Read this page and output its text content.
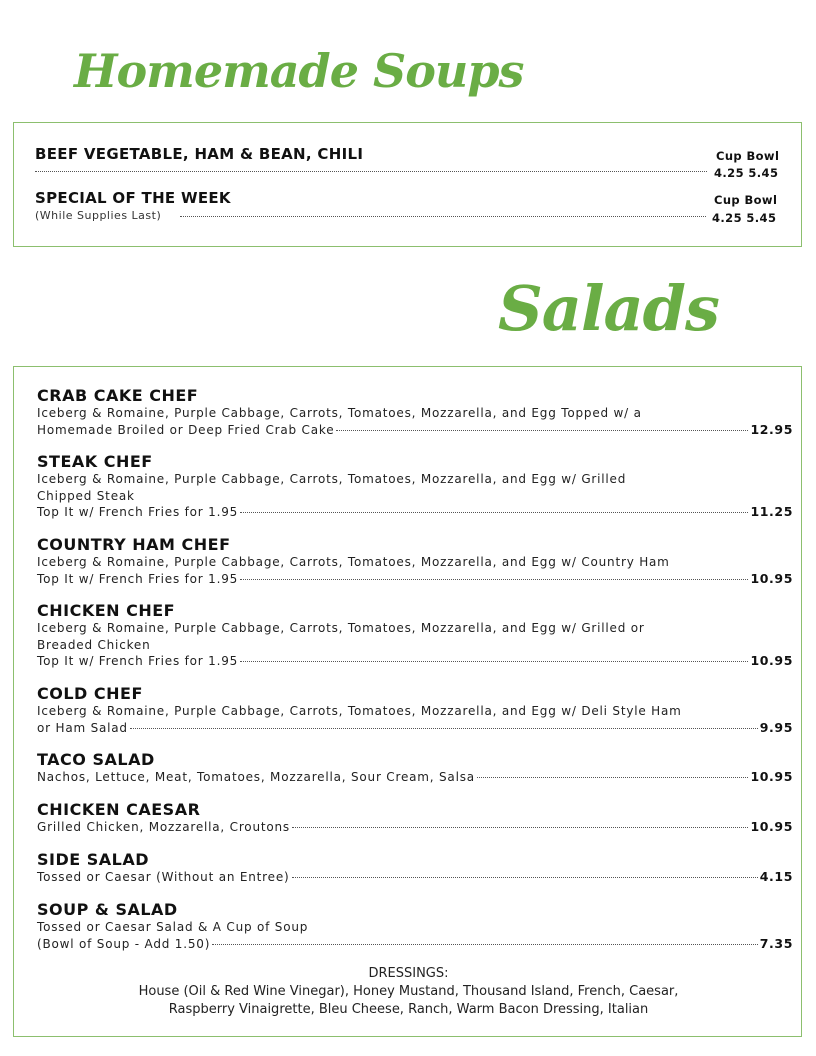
Homemade Soups
BEEF VEGETABLE, HAM & BEAN, CHILI	Cup Bowl
4.25 5.45
SPECIAL OF THE WEEK
(While Supplies Last)
Cup Bowl
4.25 5.45
Salads
CRAB CAKE CHEF
Iceberg & Romaine, Purple Cabbage, Carrots, Tomatoes, Mozzarella, and Egg Topped w/ a
Homemade Broiled or Deep Fried Crab Cake	12.95
STEAK CHEF
Iceberg & Romaine, Purple Cabbage, Carrots, Tomatoes, Mozzarella, and Egg w/ Grilled
Chipped Steak
Top It w/ French Fries for 1.95	11.25
COUNTRY HAM CHEF
Iceberg & Romaine, Purple Cabbage, Carrots, Tomatoes, Mozzarella, and Egg w/ Country Ham
Top It w/ French Fries for 1.95	10.95
CHICKEN CHEF
Iceberg & Romaine, Purple Cabbage, Carrots, Tomatoes, Mozzarella, and Egg w/ Grilled or
Breaded Chicken
Top It w/ French Fries for 1.95	10.95
COLD CHEF
Iceberg & Romaine, Purple Cabbage, Carrots, Tomatoes, Mozzarella, and Egg w/ Deli Style Ham
or Ham Salad	9.95
TACO SALAD
Nachos, Lettuce, Meat, Tomatoes, Mozzarella, Sour Cream, Salsa	10.95
CHICKEN CAESAR
Grilled Chicken, Mozzarella, Croutons	10.95
SIDE SALAD
Tossed or Caesar (Without an Entree)	4.15
SOUP & SALAD
Tossed or Caesar Salad & A Cup of Soup
(Bowl of Soup - Add 1.50)	7.35
DRESSINGS:
House (Oil & Red Wine Vinegar), Honey Mustand, Thousand Island, French, Caesar,
Raspberry Vinaigrette, Bleu Cheese, Ranch, Warm Bacon Dressing, Italian
